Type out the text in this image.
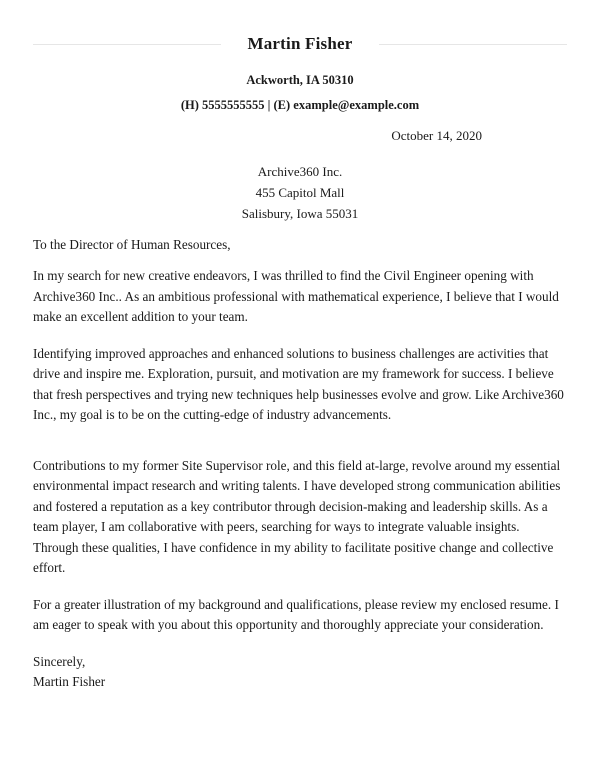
Martin Fisher
Ackworth, IA 50310
(H) 5555555555 | (E) example@example.com
October 14, 2020
Archive360 Inc.
455 Capitol Mall
Salisbury, Iowa 55031
To the Director of Human Resources,

In my search for new creative endeavors, I was thrilled to find the Civil Engineer opening with Archive360 Inc.. As an ambitious professional with mathematical experience, I believe that I would make an excellent addition to your team.

Identifying improved approaches and enhanced solutions to business challenges are activities that drive and inspire me. Exploration, pursuit, and motivation are my framework for success. I believe that fresh perspectives and trying new techniques help businesses evolve and grow. Like Archive360 Inc., my goal is to be on the cutting-edge of industry advancements.

Contributions to my former Site Supervisor role, and this field at-large, revolve around my essential environmental impact research and writing talents. I have developed strong communication abilities and fostered a reputation as a key contributor through decision-making and leadership skills. As a team player, I am collaborative with peers, searching for ways to integrate valuable insights. Through these qualities, I have confidence in my ability to facilitate positive change and collective effort.

For a greater illustration of my background and qualifications, please review my enclosed resume. I am eager to speak with you about this opportunity and thoroughly appreciate your consideration.

Sincerely,
Martin Fisher
